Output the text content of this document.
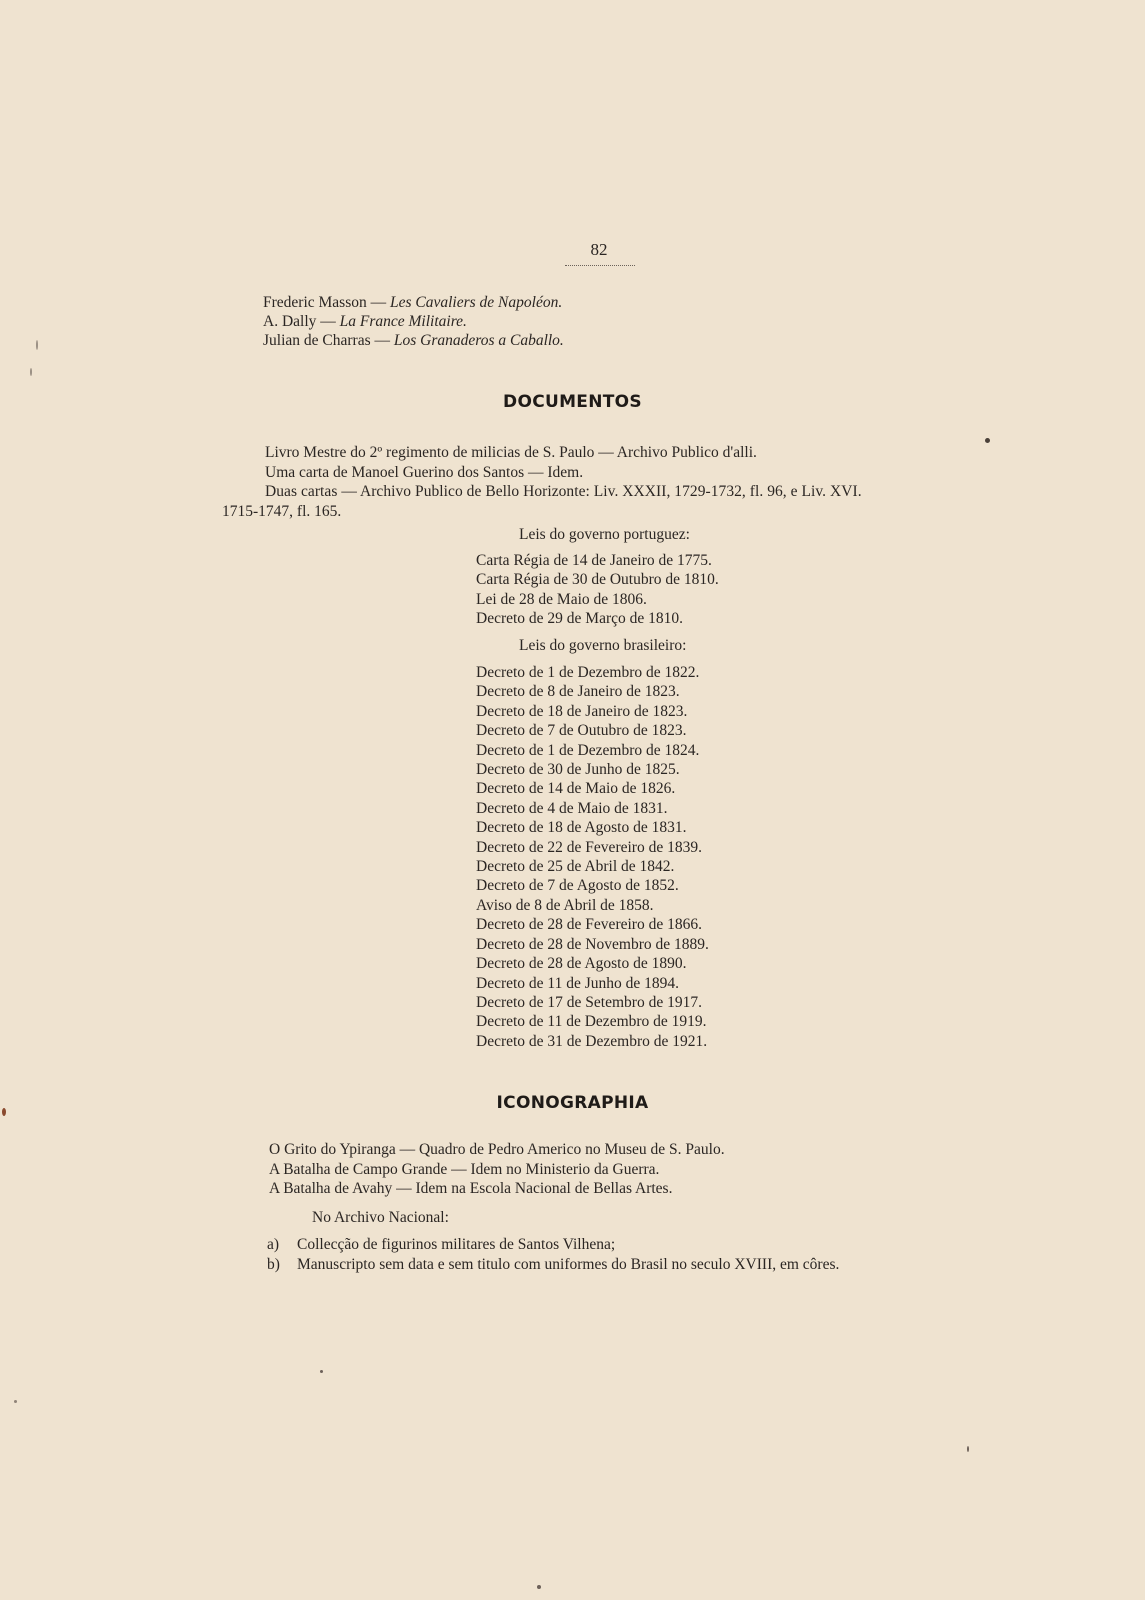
82
Frederic Masson — Les Cavaliers de Napoléon.
A. Dally — La France Militaire.
Julian de Charras — Los Granaderos a Caballo.
DOCUMENTOS
Livro Mestre do 2º regimento de milicias de S. Paulo — Archivo Publico d'alli.
Uma carta de Manoel Guerino dos Santos — Idem.
Duas cartas — Archivo Publico de Bello Horizonte: Liv. XXXII, 1729-1732, fl. 96, e Liv. XVI.
1715-1747, fl. 165.
Leis do governo portuguez:
Carta Régia de 14 de Janeiro de 1775.
Carta Régia de 30 de Outubro de 1810.
Lei de 28 de Maio de 1806.
Decreto de 29 de Março de 1810.
Leis do governo brasileiro:
Decreto de 1 de Dezembro de 1822.
Decreto de 8 de Janeiro de 1823.
Decreto de 18 de Janeiro de 1823.
Decreto de 7 de Outubro de 1823.
Decreto de 1 de Dezembro de 1824.
Decreto de 30 de Junho de 1825.
Decreto de 14 de Maio de 1826.
Decreto de 4 de Maio de 1831.
Decreto de 18 de Agosto de 1831.
Decreto de 22 de Fevereiro de 1839.
Decreto de 25 de Abril de 1842.
Decreto de 7 de Agosto de 1852.
Aviso de 8 de Abril de 1858.
Decreto de 28 de Fevereiro de 1866.
Decreto de 28 de Novembro de 1889.
Decreto de 28 de Agosto de 1890.
Decreto de 11 de Junho de 1894.
Decreto de 17 de Setembro de 1917.
Decreto de 11 de Dezembro de 1919.
Decreto de 31 de Dezembro de 1921.
ICONOGRAPHIA
O Grito do Ypiranga — Quadro de Pedro Americo no Museu de S. Paulo.
A Batalha de Campo Grande — Idem no Ministerio da Guerra.
A Batalha de Avahy — Idem na Escola Nacional de Bellas Artes.
No Archivo Nacional:
a) Collecção de figurinos militares de Santos Vilhena;
b) Manuscripto sem data e sem titulo com uniformes do Brasil no seculo XVIII, em côres.
